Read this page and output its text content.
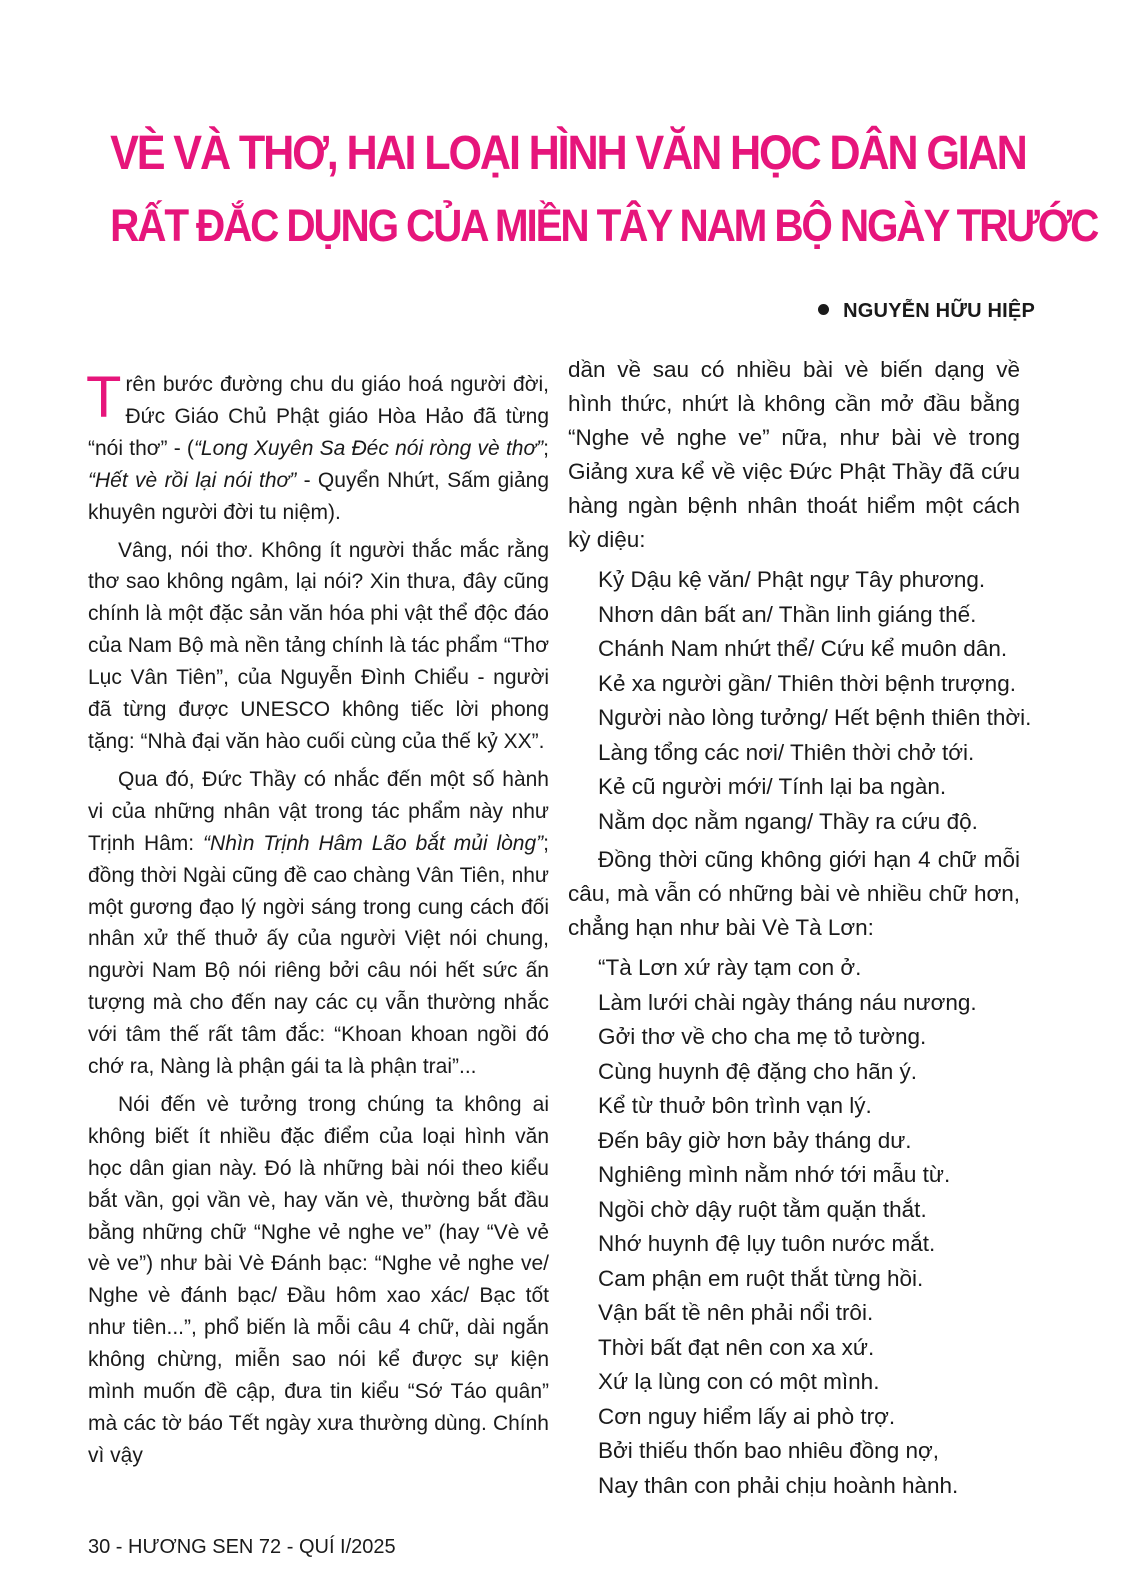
VÈ VÀ THƠ, HAI LOẠI HÌNH VĂN HỌC DÂN GIAN
RẤT ĐẮC DỤNG CỦA MIỀN TÂY NAM BỘ NGÀY TRƯỚC
NGUYỄN HỮU HIỆP

Trên bước đường chu du giáo hoá người đời, Đức Giáo Chủ Phật giáo Hòa Hảo đã từng “nói thơ” - (“Long Xuyên Sa Đéc nói ròng vè thơ”; “Hết vè rồi lại nói thơ” - Quyển Nhứt, Sấm giảng khuyên người đời tu niệm).

Vâng, nói thơ. Không ít người thắc mắc rằng thơ sao không ngâm, lại nói? Xin thưa, đây cũng chính là một đặc sản văn hóa phi vật thể độc đáo của Nam Bộ mà nền tảng chính là tác phẩm “Thơ Lục Vân Tiên”, của Nguyễn Đình Chiểu - người đã từng được UNESCO không tiếc lời phong tặng: “Nhà đại văn hào cuối cùng của thế kỷ XX”.

Qua đó, Đức Thầy có nhắc đến một số hành vi của những nhân vật trong tác phẩm này như Trịnh Hâm: “Nhìn Trịnh Hâm Lão bắt mủi lòng”; đồng thời Ngài cũng đề cao chàng Vân Tiên, như một gương đạo lý ngời sáng trong cung cách đối nhân xử thế thuở ấy của người Việt nói chung, người Nam Bộ nói riêng bởi câu nói hết sức ấn tượng mà cho đến nay các cụ vẫn thường nhắc với tâm thế rất tâm đắc: “Khoan khoan ngồi đó chớ ra, Nàng là phận gái ta là phận trai”...

Nói đến vè tưởng trong chúng ta không ai không biết ít nhiều đặc điểm của loại hình văn học dân gian này. Đó là những bài nói theo kiểu bắt vần, gọi vần vè, hay văn vè, thường bắt đầu bằng những chữ “Nghe vẻ nghe ve” (hay “Vè vẻ vè ve”) như bài Vè Đánh bạc: “Nghe vẻ nghe ve/ Nghe vè đánh bạc/ Đầu hôm xao xác/ Bạc tốt như tiên...”, phổ biến là mỗi câu 4 chữ, dài ngắn không chừng, miễn sao nói kể được sự kiện mình muốn đề cập, đưa tin kiểu “Sớ Táo quân” mà các tờ báo Tết ngày xưa thường dùng. Chính vì vậy

dần về sau có nhiều bài vè biến dạng về hình thức, nhứt là không cần mở đầu bằng “Nghe vẻ nghe ve” nữa, như bài vè trong Giảng xưa kể về việc Đức Phật Thầy đã cứu hàng ngàn bệnh nhân thoát hiểm một cách kỳ diệu:

Kỷ Dậu kệ văn/ Phật ngự Tây phương.

Nhơn dân bất an/ Thần linh giáng thế.

Chánh Nam nhứt thể/ Cứu kể muôn dân.

Kẻ xa người gần/ Thiên thời bệnh trượng.

Người nào lòng tưởng/ Hết bệnh thiên thời.

Làng tổng các nơi/ Thiên thời chở tới.

Kẻ cũ người mới/ Tính lại ba ngàn.

Nằm dọc nằm ngang/ Thầy ra cứu độ.

Đồng thời cũng không giới hạn 4 chữ mỗi câu, mà vẫn có những bài vè nhiều chữ hơn, chẳng hạn như bài Vè Tà Lơn:

“Tà Lơn xứ rày tạm con ở.

Làm lưới chài ngày tháng náu nương.

Gởi thơ về cho cha mẹ tỏ tường.

Cùng huynh đệ đặng cho hãn ý.

Kể từ thuở bôn trình vạn lý.

Đến bây giờ hơn bảy tháng dư.

Nghiêng mình nằm nhớ tới mẫu từ.

Ngồi chờ dậy ruột tằm quặn thắt.

Nhớ huynh đệ lụy tuôn nước mắt.

Cam phận em ruột thắt từng hồi.

Vận bất tề nên phải nổi trôi.

Thời bất đạt nên con xa xứ.

Xứ lạ lùng con có một mình.

Cơn nguy hiểm lấy ai phò trợ.

Bởi thiếu thốn bao nhiêu đồng nợ,

Nay thân con phải chịu hoành hành.

30 - HƯƠNG SEN 72 - QUÍ I/2025
